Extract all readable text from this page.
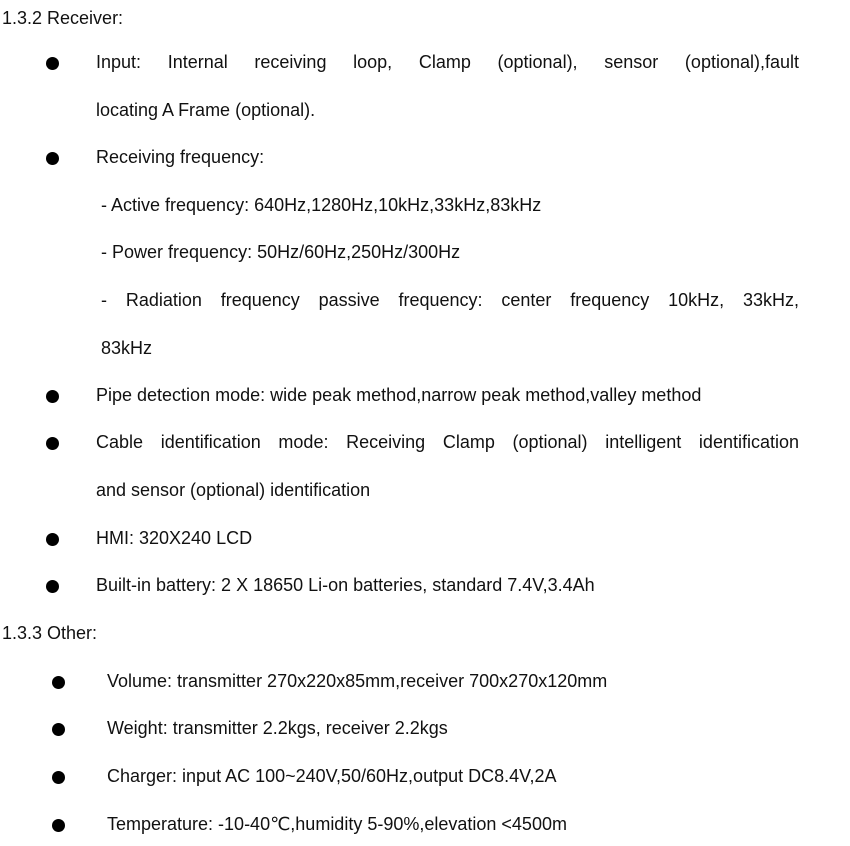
1.3.2 Receiver:
Input: Internal receiving loop, Clamp (optional), sensor (optional),fault
locating A Frame (optional).
Receiving frequency:
- Active frequency: 640Hz,1280Hz,10kHz,33kHz,83kHz
- Power frequency: 50Hz/60Hz,250Hz/300Hz
- Radiation frequency passive frequency: center frequency 10kHz, 33kHz,
83kHz
Pipe detection mode: wide peak method,narrow peak method,valley method
Cable identification mode: Receiving Clamp (optional) intelligent identification
and sensor (optional) identification
HMI: 320X240 LCD
Built-in battery: 2 X 18650 Li-on batteries, standard 7.4V,3.4Ah
1.3.3 Other:
Volume: transmitter 270x220x85mm,receiver 700x270x120mm
Weight: transmitter 2.2kgs, receiver 2.2kgs
Charger: input AC 100~240V,50/60Hz,output DC8.4V,2A
Temperature: -10-40℃,humidity 5-90%,elevation <4500m
